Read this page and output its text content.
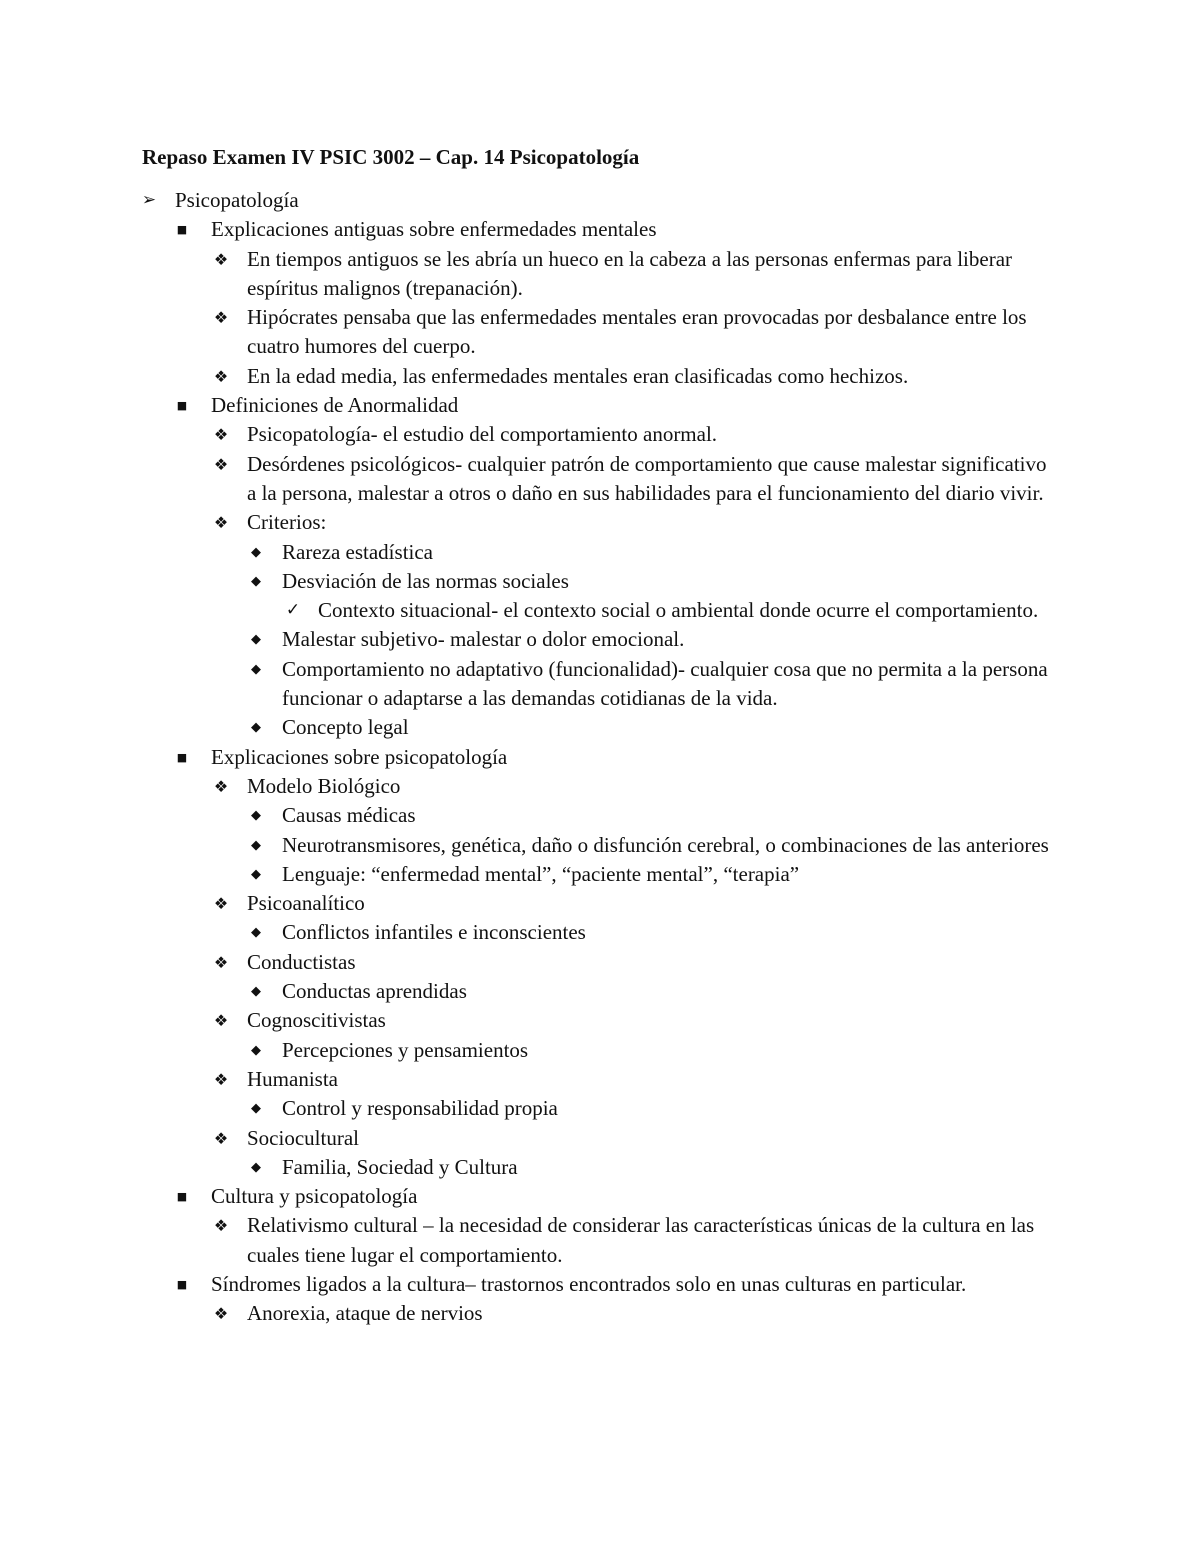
Repaso Examen IV PSIC 3002 – Cap. 14 Psicopatología
➢ Psicopatología
■ Explicaciones antiguas sobre enfermedades mentales
❖ En tiempos antiguos se les abría un hueco en la cabeza a las personas enfermas para liberar espíritus malignos (trepanación).
❖ Hipócrates pensaba que las enfermedades mentales eran provocadas por desbalance entre los cuatro humores del cuerpo.
❖ En la edad media, las enfermedades mentales eran clasificadas como hechizos.
■ Definiciones de Anormalidad
❖ Psicopatología- el estudio del comportamiento anormal.
❖ Desórdenes psicológicos- cualquier patrón de comportamiento que cause malestar significativo a la persona, malestar a otros o daño en sus habilidades para el funcionamiento del diario vivir.
❖ Criterios:
◆ Rareza estadística
◆ Desviación de las normas sociales
✓ Contexto situacional- el contexto social o ambiental donde ocurre el comportamiento.
◆ Malestar subjetivo- malestar o dolor emocional.
◆ Comportamiento no adaptativo (funcionalidad)- cualquier cosa que no permita a la persona funcionar o adaptarse a las demandas cotidianas de la vida.
◆ Concepto legal
■ Explicaciones sobre psicopatología
❖ Modelo Biológico
◆ Causas médicas
◆ Neurotransmisores, genética, daño o disfunción cerebral, o combinaciones de las anteriores
◆ Lenguaje: “enfermedad mental”, “paciente mental”, “terapia”
❖ Psicoanalítico
◆ Conflictos infantiles e inconscientes
❖ Conductistas
◆ Conductas aprendidas
❖ Cognoscitivistas
◆ Percepciones y pensamientos
❖ Humanista
◆ Control y responsabilidad propia
❖ Sociocultural
◆ Familia, Sociedad y Cultura
■ Cultura y psicopatología
❖ Relativismo cultural – la necesidad de considerar las características únicas de la cultura en las cuales tiene lugar el comportamiento.
■ Síndromes ligados a la cultura– trastornos encontrados solo en unas culturas en particular.
❖ Anorexia, ataque de nervios
